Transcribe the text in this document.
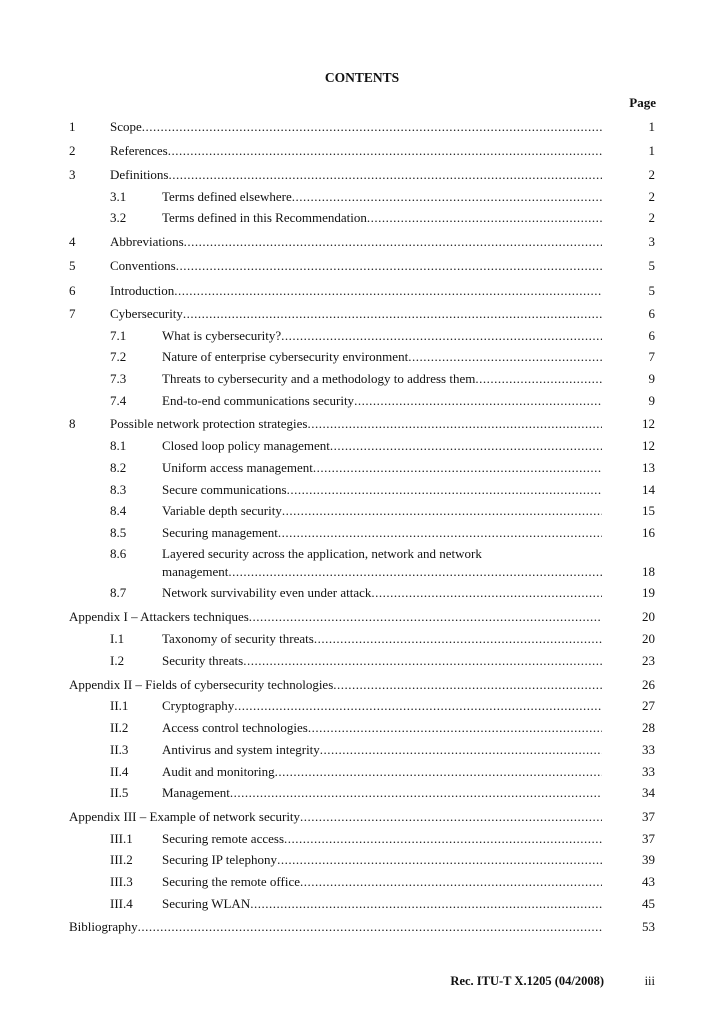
CONTENTS
Page
1	Scope .....	1
2	References .....	1
3	Definitions .....	2
3.1	Terms defined elsewhere .....	2
3.2	Terms defined in this Recommendation .....	2
4	Abbreviations .....	3
5	Conventions .....	5
6	Introduction .....	5
7	Cybersecurity .....	6
7.1	What is cybersecurity? .....	6
7.2	Nature of enterprise cybersecurity environment .....	7
7.3	Threats to cybersecurity and a methodology to address them .....	9
7.4	End-to-end communications security .....	9
8	Possible network protection strategies .....	12
8.1	Closed loop policy management .....	12
8.2	Uniform access management .....	13
8.3	Secure communications .....	14
8.4	Variable depth security .....	15
8.5	Securing management .....	16
8.6	Layered security across the application, network and network
management .....	18
8.7	Network survivability even under attack .....	19
Appendix I – Attackers techniques .....	20
I.1	Taxonomy of security threats .....	20
I.2	Security threats .....	23
Appendix II – Fields of cybersecurity technologies .....	26
II.1	Cryptography .....	27
II.2	Access control technologies .....	28
II.3	Antivirus and system integrity .....	33
II.4	Audit and monitoring .....	33
II.5	Management .....	34
Appendix III – Example of network security .....	37
III.1 Securing remote access .....	37
III.2 Securing IP telephony .....	39
III.3 Securing the remote office .....	43
III.4 Securing WLAN .....	45
Bibliography .....	53
Rec. ITU-T X.1205 (04/2008)	iii
